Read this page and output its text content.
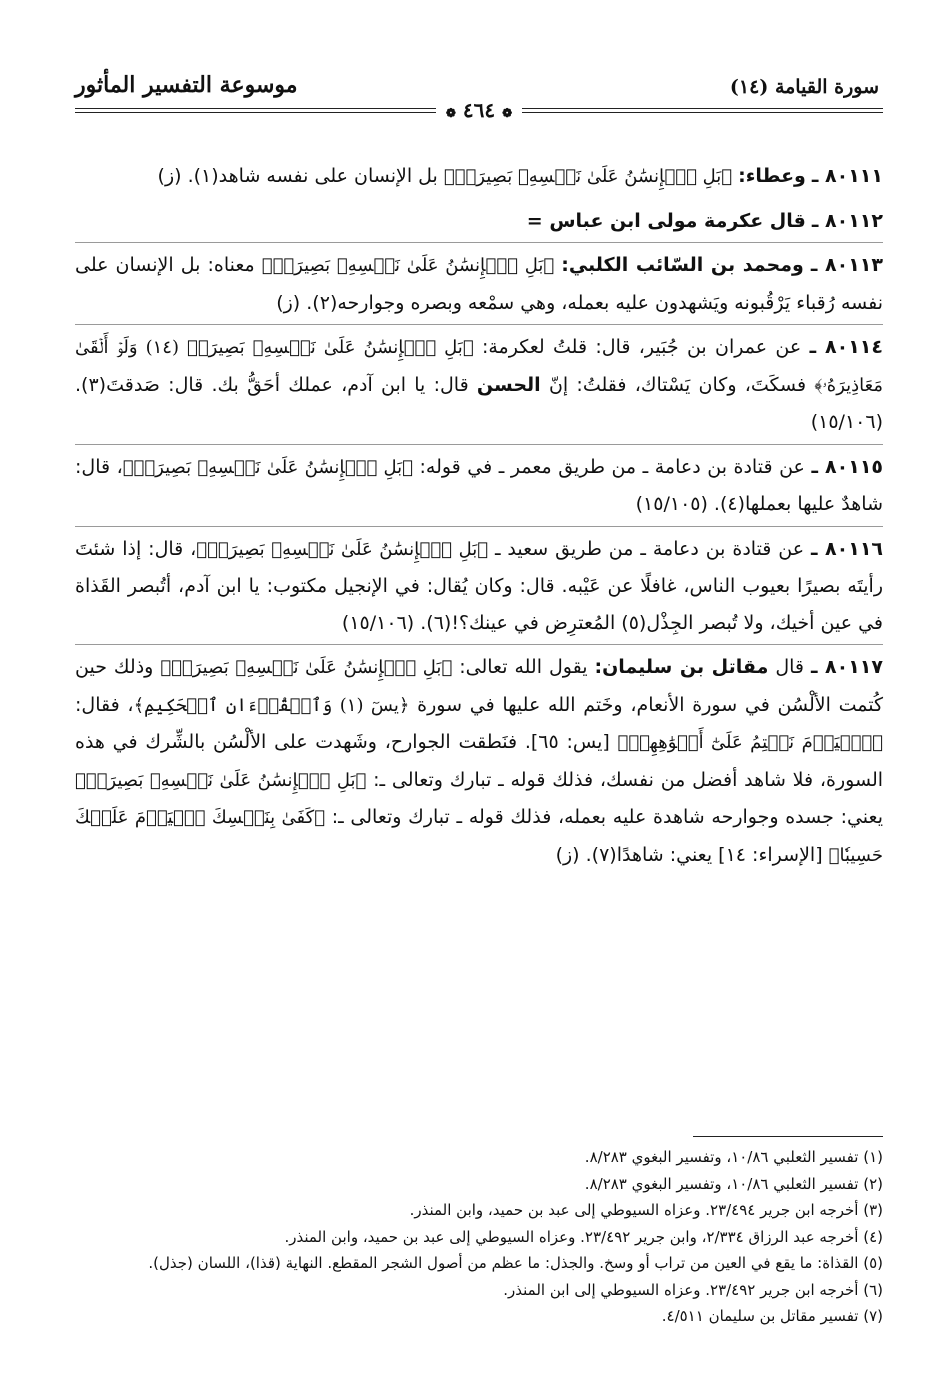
سورة القيامة (١٤)
موسوعة التفسير المأثور
❁ ٤٦٤ ❁

٨٠١١١ ـ وعطاء: ﴿بَلِ ٱلۡإِنسَٰنُ عَلَىٰ نَفۡسِهِۦ بَصِيرَةٞ﴾ بل الإنسان على نفسه شاهد(١). (ز)

٨٠١١٢ ـ قال عكرمة مولى ابن عباس =

٨٠١١٣ ـ ومحمد بن السّائب الكلبي: ﴿بَلِ ٱلۡإِنسَٰنُ عَلَىٰ نَفۡسِهِۦ بَصِيرَةٞ﴾ معناه: بل الإنسان على نفسه رُقباء يَرْقُبونه ويَشهدون عليه بعمله، وهي سمْعه وبصره وجوارحه(٢). (ز)

٨٠١١٤ ـ عن عمران بن جُبَير، قال: قلتُ لعكرمة: ﴿بَلِ ٱلۡإِنسَٰنُ عَلَىٰ نَفۡسِهِۦ بَصِيرَةٞ (١٤) وَلَوۡ أَلۡقَىٰ مَعَاذِيرَهُۥ﴾ فسكَتَ، وكان يَسْتاك، فقلتُ: إنّ الحسن قال: يا ابن آدم، عملك أحَقُّ بك. قال: صَدقتَ(٣). (١٥/١٠٦)

٨٠١١٥ ـ عن قتادة بن دعامة ـ من طريق معمر ـ في قوله: ﴿بَلِ ٱلۡإِنسَٰنُ عَلَىٰ نَفۡسِهِۦ بَصِيرَةٞ﴾، قال: شاهدٌ عليها بعملها(٤). (١٥/١٠٥)

٨٠١١٦ ـ عن قتادة بن دعامة ـ من طريق سعيد ـ ﴿بَلِ ٱلۡإِنسَٰنُ عَلَىٰ نَفۡسِهِۦ بَصِيرَةٞ﴾، قال: إذا شئتَ رأيتَه بصيرًا بعيوب الناس، غافلًا عن عَيْبه. قال: وكان يُقال: في الإنجيل مكتوب: يا ابن آدم، أتُبصر القَذاة في عين أخيك، ولا تُبصر الجِذْل(٥) المُعترِض في عينك؟!(٦). (١٥/١٠٦)

٨٠١١٧ ـ قال مقاتل بن سليمان: يقول الله تعالى: ﴿بَلِ ٱلۡإِنسَٰنُ عَلَىٰ نَفۡسِهِۦ بَصِيرَةٞ﴾ وذلك حين كُتمت الألْسُن في سورة الأنعام، وخَتم الله عليها في سورة ﴿يسٓ (١) وَٱلۡقُرۡءَانِ ٱلۡحَكِيمِ﴾، فقال: ﴿ٱلۡيَوۡمَ نَخۡتِمُ عَلَىٰٓ أَفۡوَٰهِهِمۡ﴾ [يس: ٦٥]. فنَطقت الجوارح، وشَهدت على الألْسُن بالشِّرك في هذه السورة، فلا شاهد أفضل من نفسك، فذلك قوله ـ تبارك وتعالى ـ: ﴿بَلِ ٱلۡإِنسَٰنُ عَلَىٰ نَفۡسِهِۦ بَصِيرَةٞ﴾ يعني: جسده وجوارحه شاهدة عليه بعمله، فذلك قوله ـ تبارك وتعالى ـ: ﴿كَفَىٰ بِنَفۡسِكَ ٱلۡيَوۡمَ عَلَيۡكَ حَسِيبٗا﴾ [الإسراء: ١٤] يعني: شاهدًا(٧). (ز)

(١) تفسير الثعلبي ١٠/٨٦، وتفسير البغوي ٨/٢٨٣.

(٢) تفسير الثعلبي ١٠/٨٦، وتفسير البغوي ٨/٢٨٣.

(٣) أخرجه ابن جرير ٢٣/٤٩٤. وعزاه السيوطي إلى عبد بن حميد، وابن المنذر.

(٤) أخرجه عبد الرزاق ٢/٣٣٤، وابن جرير ٢٣/٤٩٢. وعزاه السيوطي إلى عبد بن حميد، وابن المنذر.

(٥) القذاة: ما يقع في العين من تراب أو وسخ. والجذل: ما عظم من أصول الشجر المقطع. النهاية (قذا)، اللسان (جذل).

(٦) أخرجه ابن جرير ٢٣/٤٩٢. وعزاه السيوطي إلى ابن المنذر.

(٧) تفسير مقاتل بن سليمان ٤/٥١١.
